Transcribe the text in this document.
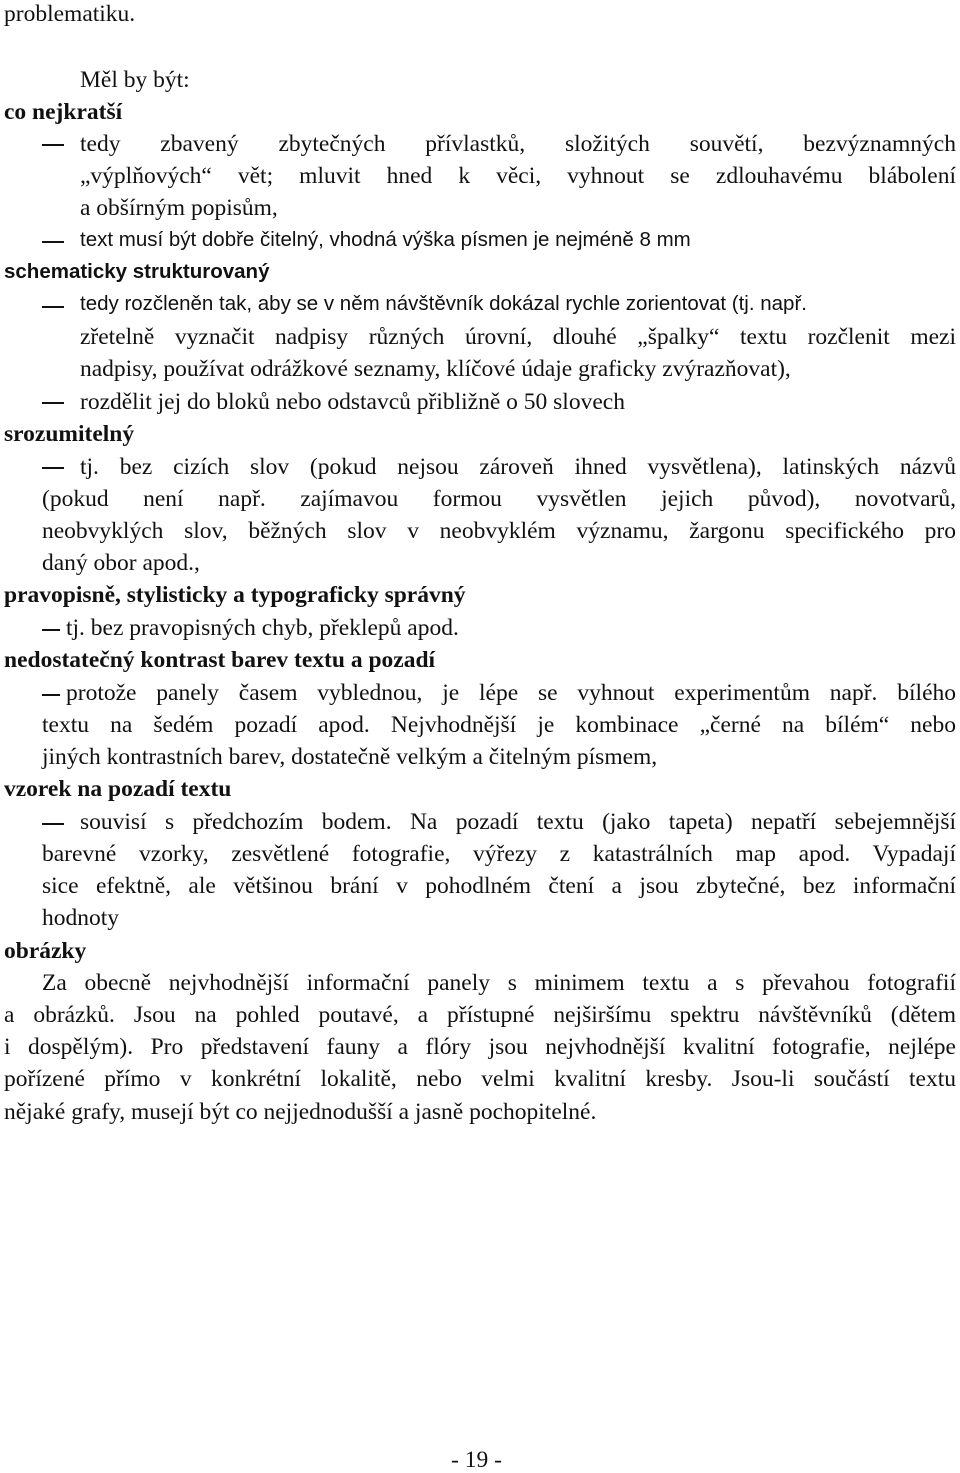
problematiku.
Měl by být:
co nejkratší
tedy zbavený zbytečných přívlastků, složitých souvětí, bezvýznamných
„výplňových“ vět; mluvit hned k věci, vyhnout se zdlouhavému blábolení
a obšírným popisům,
text musí být dobře čitelný, vhodná výška písmen je nejméně 8 mm
schematicky strukturovaný
tedy rozčleněn tak, aby se v něm návštěvník dokázal rychle zorientovat (tj. např.
zřetelně vyznačit nadpisy různých úrovní, dlouhé „špalky“ textu rozčlenit mezi
nadpisy, používat odrážkové seznamy, klíčové údaje graficky zvýrazňovat),
rozdělit jej do bloků nebo odstavců přibližně o 50 slovech
srozumitelný
tj. bez cizích slov (pokud nejsou zároveň ihned vysvětlena), latinských názvů
(pokud není např. zajímavou formou vysvětlen jejich původ), novotvarů,
neobvyklých slov, běžných slov v neobvyklém významu, žargonu specifického pro
daný obor apod.,
pravopisně, stylisticky a typograficky správný
tj. bez pravopisných chyb, překlepů apod.
nedostatečný kontrast barev textu a pozadí
protože panely časem vyblednou, je lépe se vyhnout experimentům např. bílého
textu na šedém pozadí apod. Nejvhodnější je kombinace „černé na bílém“ nebo
jiných kontrastních barev, dostatečně velkým a čitelným písmem,
vzorek na pozadí textu
souvisí s předchozím bodem. Na pozadí textu (jako tapeta) nepatří sebejemnější
barevné vzorky, zesvětlené fotografie, výřezy z katastrálních map apod. Vypadají
sice efektně, ale většinou brání v pohodlném čtení a jsou zbytečné, bez informační
hodnoty
obrázky
Za obecně nejvhodnější informační panely s minimem textu a s převahou fotografií
a obrázků. Jsou na pohled poutavé, a přístupné nejširšímu spektru návštěvníků (dětem
i dospělým). Pro představení fauny a flóry jsou nejvhodnější kvalitní fotografie, nejlépe
pořízené přímo v konkrétní lokalitě, nebo velmi kvalitní kresby. Jsou-li součástí textu
nějaké grafy, musejí být co nejjednodušší a jasně pochopitelné.
- 19 -
